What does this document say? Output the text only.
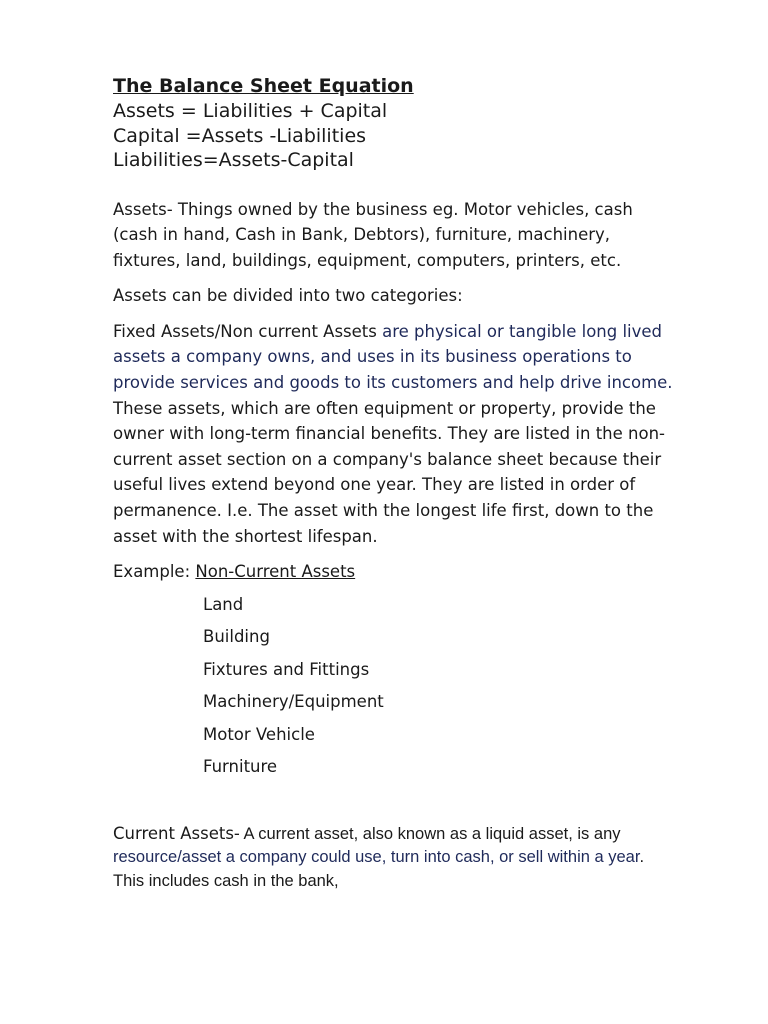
The Balance Sheet Equation

Assets = Liabilities + Capital

Capital =Assets -Liabilities

Liabilities=Assets-Capital

Assets- Things owned by the business eg. Motor vehicles, cash (cash in hand, Cash in Bank, Debtors), furniture, machinery, fixtures, land, buildings, equipment, computers, printers, etc.

Assets can be divided into two categories:

Fixed Assets/Non current Assets are physical or tangible long lived assets a company owns, and uses in its business operations to provide services and goods to its customers and help drive income. These assets, which are often equipment or property, provide the owner with long-term financial benefits. They are listed in the non-current asset section on a company's balance sheet because their useful lives extend beyond one year. They are listed in order of permanence. I.e. The asset with the longest life first, down to the asset with the shortest lifespan.

Example: Non-Current Assets

Land
Building
Fixtures and Fittings
Machinery/Equipment
Motor Vehicle
Furniture

Current Assets- A current asset, also known as a liquid asset, is any resource/asset a company could use, turn into cash, or sell within a year. This includes cash in the bank,
